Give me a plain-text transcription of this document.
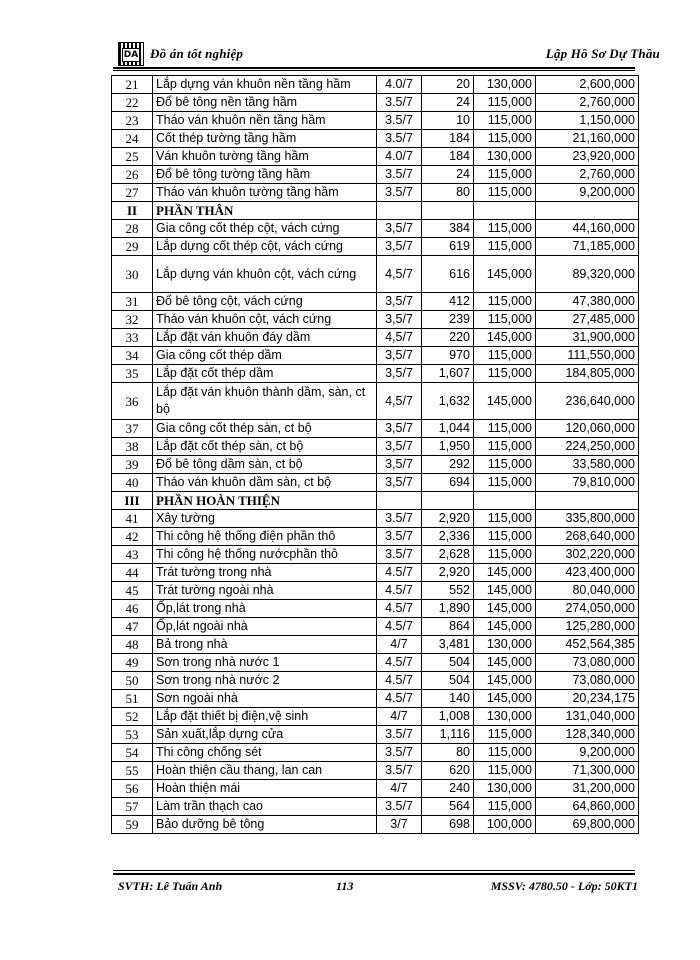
DA Đồ án tốt nghiệp	Lập Hồ Sơ Dự Thầu
21	Lắp dựng ván khuôn nền tầng hầm	4.0/7	20	130,000	2,600,000
22	Đổ bê tông nền tầng hầm	3.5/7	24	115,000	2,760,000
23	Tháo ván khuôn nền tầng hầm	3.5/7	10	115,000	1,150,000
24	Cốt thép tường tầng hầm	3.5/7	184	115,000	21,160,000
25	Ván khuôn tường tầng hầm	4.0/7	184	130,000	23,920,000
26	Đổ bê tông tường tầng hầm	3.5/7	24	115,000	2,760,000
27	Tháo ván khuôn tường tầng hầm	3.5/7	80	115,000	9,200,000
II	PHẦN THÂN				
28	Gia công cốt thép cột, vách cứng	3,5/7	384	115,000	44,160,000
29	Lắp dựng cốt thép cột, vách cứng	3,5/7	619	115,000	71,185,000
30	Lắp dựng ván khuôn cột, vách cứng	4,5/7	616	145,000	89,320,000
31	Đổ bê tông cột, vách cứng	3,5/7	412	115,000	47,380,000
32	Tháo ván khuôn cột, vách cứng	3,5/7	239	115,000	27,485,000
33	Lắp đặt ván khuôn đáy dầm	4,5/7	220	145,000	31,900,000
34	Gia công cốt thép dầm	3,5/7	970	115,000	111,550,000
35	Lắp đặt cốt thép dầm	3,5/7	1,607	115,000	184,805,000
36	Lắp đặt ván khuôn thành dầm, sàn, ct bộ	4,5/7	1,632	145,000	236,640,000
37	Gia công cốt thép sàn, ct bộ	3,5/7	1,044	115,000	120,060,000
38	Lắp đặt cốt thép sàn, ct bộ	3,5/7	1,950	115,000	224,250,000
39	Đổ bê tông dầm sàn, ct bộ	3,5/7	292	115,000	33,580,000
40	Tháo ván khuôn dầm sàn, ct bộ	3,5/7	694	115,000	79,810,000
III	PHẦN HOÀN THIỆN				
41	Xây tường	3.5/7	2,920	115,000	335,800,000
42	Thi công hệ thống điện phần thô	3.5/7	2,336	115,000	268,640,000
43	Thi công hệ thống nướcphần thô	3.5/7	2,628	115,000	302,220,000
44	Trát tường trong nhà	4.5/7	2,920	145,000	423,400,000
45	Trát tường ngoài nhà	4.5/7	552	145,000	80,040,000
46	Ốp,lát trong nhà	4.5/7	1,890	145,000	274,050,000
47	Ốp,lát ngoài nhà	4.5/7	864	145,000	125,280,000
48	Bả trong nhà	4/7	3,481	130,000	452,564,385
49	Sơn trong nhà nước 1	4.5/7	504	145,000	73,080,000
50	Sơn trong nhà nước 2	4.5/7	504	145,000	73,080,000
51	Sơn ngoài nhà	4.5/7	140	145,000	20,234,175
52	Lắp đặt thiết bị điện,vệ sinh	4/7	1,008	130,000	131,040,000
53	Sản xuất,lắp dựng cửa	3.5/7	1,116	115,000	128,340,000
54	Thi công chống sét	3.5/7	80	115,000	9,200,000
55	Hoàn thiện cầu thang, lan can	3.5/7	620	115,000	71,300,000
56	Hoàn thiện mái	4/7	240	130,000	31,200,000
57	Làm trần thạch cao	3.5/7	564	115,000	64,860,000
59	Bảo dưỡng bê tông	3/7	698	100,000	69,800,000
SVTH: Lê Tuấn Anh	113	MSSV: 4780.50 - Lớp: 50KT1
